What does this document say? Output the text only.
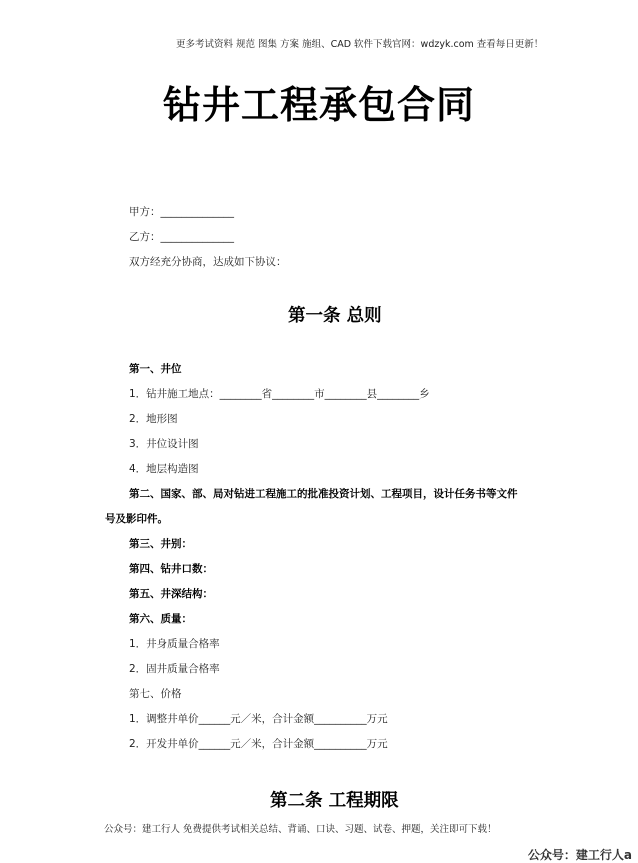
更多考试资料 规范 图集 方案 施组、CAD 软件下载官网：wdzyk.com 查看每日更新！
钻井工程承包合同
甲方：______________
乙方：______________
双方经充分协商，达成如下协议：
第一条 总则
第一、井位
1．钻井施工地点：________省________市________县________乡
2．地形图
3．井位设计图
4．地层构造图
第二、国家、部、局对钻进工程施工的批准投资计划、工程项目，设计任务书等文件
号及影印件。
第三、井别：
第四、钻井口数：
第五、井深结构：
第六、质量：
1．井身质量合格率
2．固井质量合格率
第七、价格
1．调整井单价______元／米，合计金额__________万元
2．开发井单价______元／米，合计金额__________万元
第二条 工程期限
公众号：建工行人 免费提供考试相关总结、背诵、口诀、习题、试卷、押题，关注即可下载！
公众号：建工行人a
